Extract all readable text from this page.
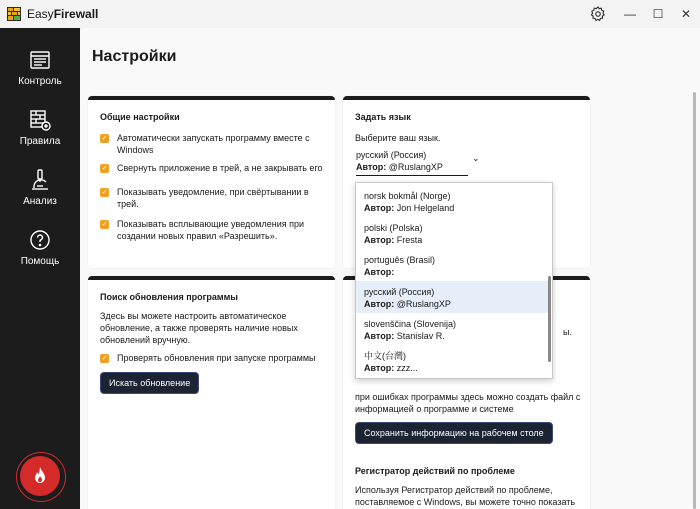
EasyFirewall	—	☐	✕
Контроль
Правила
Анализ
Помощь
Настройки
Общие настройки
✓ Автоматически запускать программу вместе с Windows
✓ Свернуть приложение в трей, а не закрывать его
✓ Показывать уведомление, при свёртывании в трей.
✓ Показывать всплывающие уведомления при создании новых правил «Разрешить».
Задать язык
Выберите ваш язык.
русский (Россия)
Автор: @RuslangXP
⌄
Поиск обновления программы
Здесь вы можете настроить автоматическое обновление, а также проверять наличие новых обновлений вручную.
✓ Проверять обновления при запуске программы
Искать обновление
ы.
при ошибках программы здесь можно создать файл с информацией о программе и системе
Сохранить информацию на рабочем столе
Регистратор действий по проблеме
Используя Регистратор действий по проблеме, поставляемое с Windows, вы можете точно показать
norsk bokmål (Norge)
Автор: Jon Helgeland
polski (Polska)
Автор: Fresta
português (Brasil)
Автор:
русский (Россия)
Автор: @RuslangXP
slovenščina (Slovenija)
Автор: Stanislav R.
中文(台灣)
Автор: zzz...
